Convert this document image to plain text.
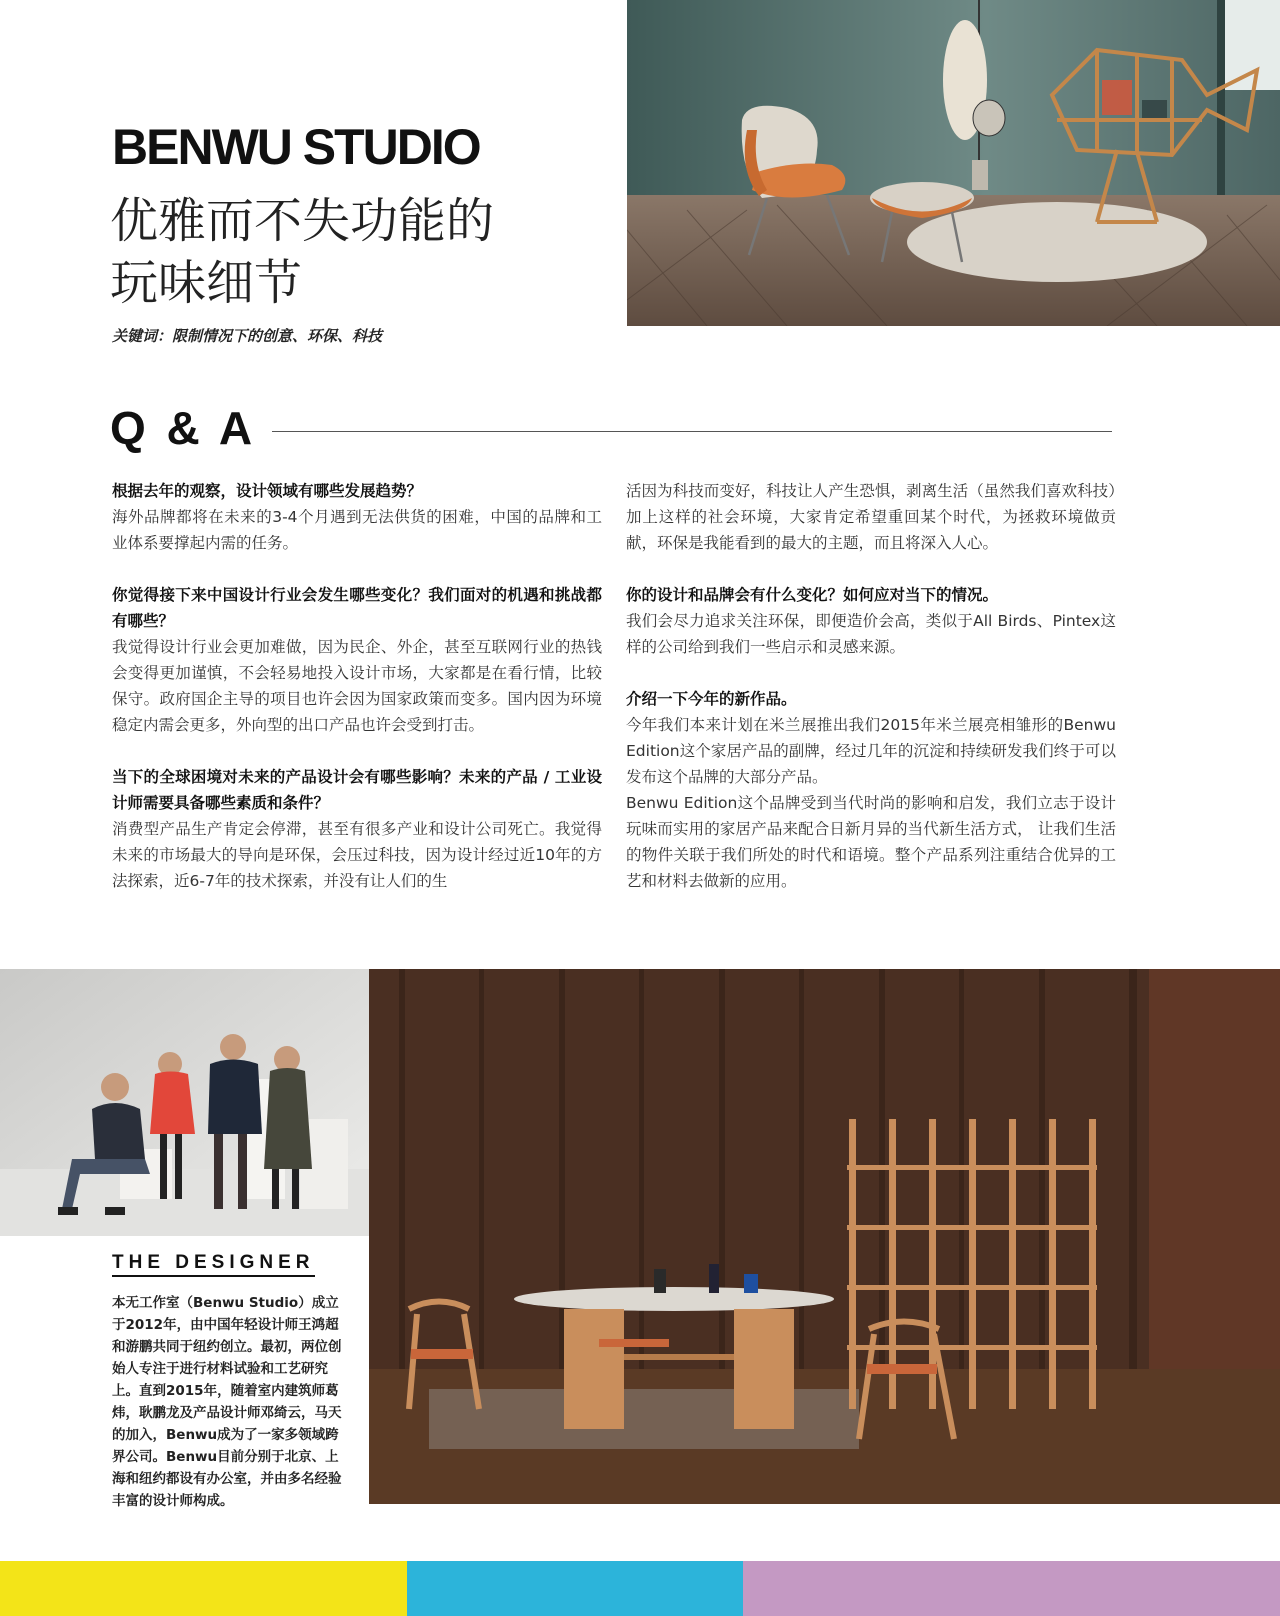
BENWU STUDIO
优雅而不失功能的
玩味细节
关键词：限制情况下的创意、环保、科技
Q & A

根据去年的观察，设计领域有哪些发展趋势？

海外品牌都将在未来的3-4个月遇到无法供货的困难，中国的品牌和工业体系要撑起内需的任务。

你觉得接下来中国设计行业会发生哪些变化？我们面对的机遇和挑战都有哪些？

我觉得设计行业会更加难做，因为民企、外企，甚至互联网行业的热钱会变得更加谨慎，不会轻易地投入设计市场，大家都是在看行情，比较保守。政府国企主导的项目也许会因为国家政策而变多。国内因为环境稳定内需会更多，外向型的出口产品也许会受到打击。

当下的全球困境对未来的产品设计会有哪些影响？未来的产品 / 工业设计师需要具备哪些素质和条件？

消费型产品生产肯定会停滞，甚至有很多产业和设计公司死亡。我觉得未来的市场最大的导向是环保，会压过科技，因为设计经过近10年的方法探索，近6-7年的技术探索，并没有让人们的生

活因为科技而变好，科技让人产生恐惧，剥离生活（虽然我们喜欢科技）加上这样的社会环境，大家肯定希望重回某个时代，为拯救环境做贡献，环保是我能看到的最大的主题，而且将深入人心。

你的设计和品牌会有什么变化？如何应对当下的情况。

我们会尽力追求关注环保，即便造价会高，类似于All Birds、Pintex这样的公司给到我们一些启示和灵感来源。

介绍一下今年的新作品。

今年我们本来计划在米兰展推出我们2015年米兰展亮相雏形的Benwu Edition这个家居产品的副牌，经过几年的沉淀和持续研发我们终于可以发布这个品牌的大部分产品。

Benwu Edition这个品牌受到当代时尚的影响和启发，我们立志于设计玩味而实用的家居产品来配合日新月异的当代新生活方式， 让我们生活的物件关联于我们所处的时代和语境。整个产品系列注重结合优异的工艺和材料去做新的应用。

THE DESIGNER
本无工作室（Benwu Studio）成立于2012年，由中国年轻设计师王鸿超和游鹏共同于纽约创立。最初，两位创始人专注于进行材料试验和工艺研究上。直到2015年，随着室内建筑师葛炜，耿鹏龙及产品设计师邓绮云，马天的加入，Benwu成为了一家多领域跨界公司。Benwu目前分别于北京、上海和纽约都设有办公室，并由多名经验丰富的设计师构成。
